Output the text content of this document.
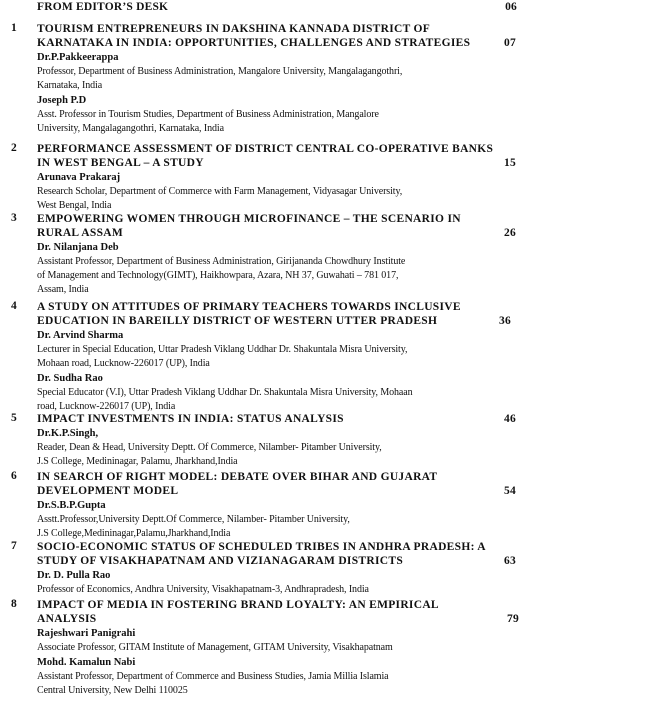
FROM EDITOR’S DESK	06
1 TOURISM ENTREPRENEURS IN DAKSHINA KANNADA DISTRICT OF
KARNATAKA IN INDIA: OPPORTUNITIES, CHALLENGES AND STRATEGIES	07
Dr.P.Pakkeerappa
Professor, Department of Business Administration, Mangalore University, Mangalagangothri,
Karnataka, India
Joseph P.D
Asst. Professor in Tourism Studies, Department of Business Administration, Mangalore
University, Mangalagangothri, Karnataka, India
2 PERFORMANCE ASSESSMENT OF DISTRICT CENTRAL CO-OPERATIVE BANKS
IN WEST BENGAL – A STUDY	15
Arunava Prakaraj
Research Scholar, Department of Commerce with Farm Management, Vidyasagar University,
West Bengal, India
3 EMPOWERING WOMEN THROUGH MICROFINANCE – THE SCENARIO IN
RURAL ASSAM	26
Dr. Nilanjana Deb
Assistant Professor, Department of Business Administration, Girijananda Chowdhury Institute
of Management and Technology(GIMT), Haikhowpara, Azara, NH 37, Guwahati – 781 017,
Assam, India
4 A STUDY ON ATTITUDES OF PRIMARY TEACHERS TOWARDS INCLUSIVE
EDUCATION IN BAREILLY DISTRICT OF WESTERN UTTER PRADESH	36
Dr. Arvind Sharma
Lecturer in Special Education, Uttar Pradesh Viklang Uddhar Dr. Shakuntala Misra University,
Mohaan road, Lucknow-226017 (UP), India
Dr. Sudha Rao
Special Educator (V.I), Uttar Pradesh Viklang Uddhar Dr. Shakuntala Misra University, Mohaan
road, Lucknow-226017 (UP), India
5 IMPACT INVESTMENTS IN INDIA: STATUS ANALYSIS	46
Dr.K.P.Singh,
Reader, Dean & Head, University Deptt. Of Commerce, Nilamber- Pitamber University,
J.S College, Medininagar, Palamu, Jharkhand,India
6 IN SEARCH OF RIGHT MODEL: DEBATE OVER BIHAR AND GUJARAT
DEVELOPMENT MODEL	54
Dr.S.B.P.Gupta
Asstt.Professor,University Deptt.Of Commerce, Nilamber- Pitamber University,
J.S College,Medininagar,Palamu,Jharkhand,India
7 SOCIO-ECONOMIC STATUS OF SCHEDULED TRIBES IN ANDHRA PRADESH: A
STUDY OF VISAKHAPATNAM AND VIZIANAGARAM DISTRICTS	63
Dr. D. Pulla Rao
Professor of Economics, Andhra University, Visakhapatnam-3, Andhrapradesh, India
8 IMPACT OF MEDIA IN FOSTERING BRAND LOYALTY: AN EMPIRICAL
ANALYSIS	79
Rajeshwari Panigrahi
Associate Professor, GITAM Institute of Management, GITAM University, Visakhapatnam
Mohd. Kamalun Nabi
Assistant Professor, Department of Commerce and Business Studies, Jamia Millia Islamia
Central University, New Delhi 110025
